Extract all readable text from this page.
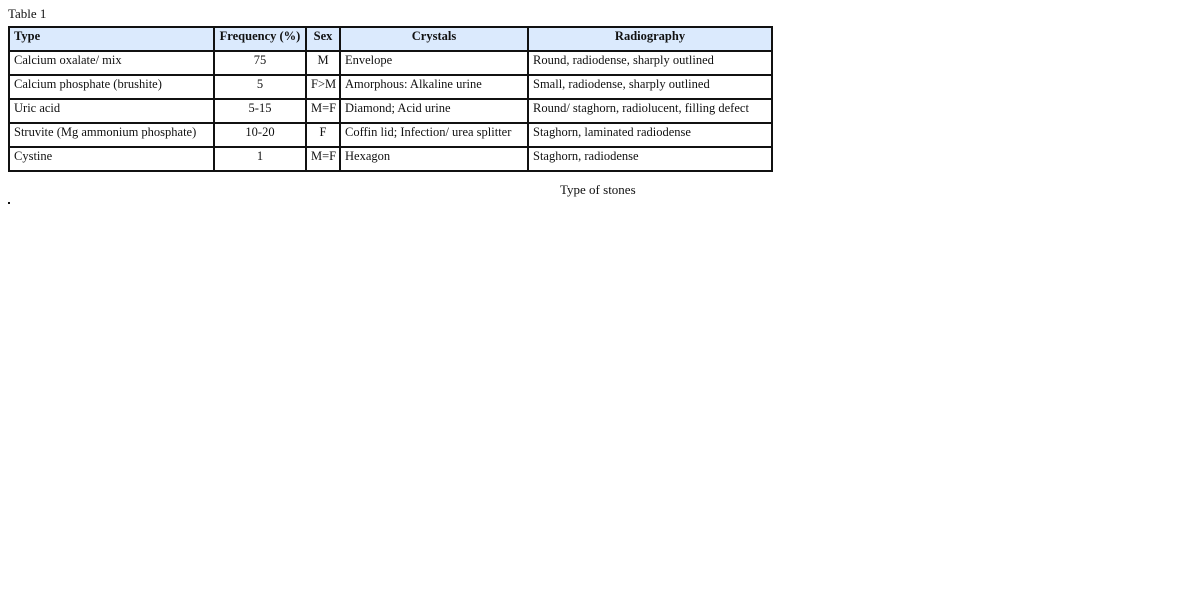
Table 1
Type	Frequency (%)	Sex	Crystals	Radiography
Calcium oxalate/ mix	75	M	Envelope	Round, radiodense, sharply outlined
Calcium phosphate (brushite)	5	F>M	Amorphous: Alkaline urine	Small, radiodense, sharply outlined
Uric acid	5-15	M=F	Diamond; Acid urine	Round/ staghorn, radiolucent, filling defect
Struvite (Mg ammonium phosphate)	10-20	F	Coffin lid; Infection/ urea splitter	Staghorn, laminated radiodense
Cystine	1	M=F	Hexagon	Staghorn, radiodense
Type of stones
